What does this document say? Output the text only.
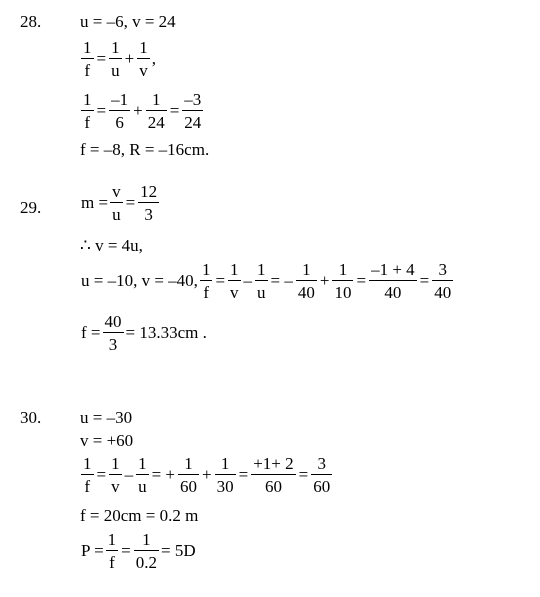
28. u = –6, v = 24
$\frac{1}{f} = \frac{1}{u} + \frac{1}{v}$ ,
$\frac{1}{f} = \frac{-1}{6} + \frac{1}{24} = \frac{-3}{24}$
f = –8, R = –16cm.
29. $m = \frac{v}{u} = \frac{12}{3}$
∴ v = 4u,
u = –10, v = –40, $\frac{1}{f} = \frac{1}{v} - \frac{1}{u}$ = – $\frac{1}{40} + \frac{1}{10} = \frac{-1 + 4}{40} = \frac{3}{40}$
$f = \frac{40}{3} = 13.33cm$ .
30. u = –30
v = +60
$\frac{1}{f} = \frac{1}{v} - \frac{1}{u}$ = + $\frac{1}{60} + \frac{1}{30} = \frac{+1+ 2}{60} = \frac{3}{60}$
f = 20cm = 0.2 m
$P = \frac{1}{f} = \frac{1}{0.2} = 5D$
